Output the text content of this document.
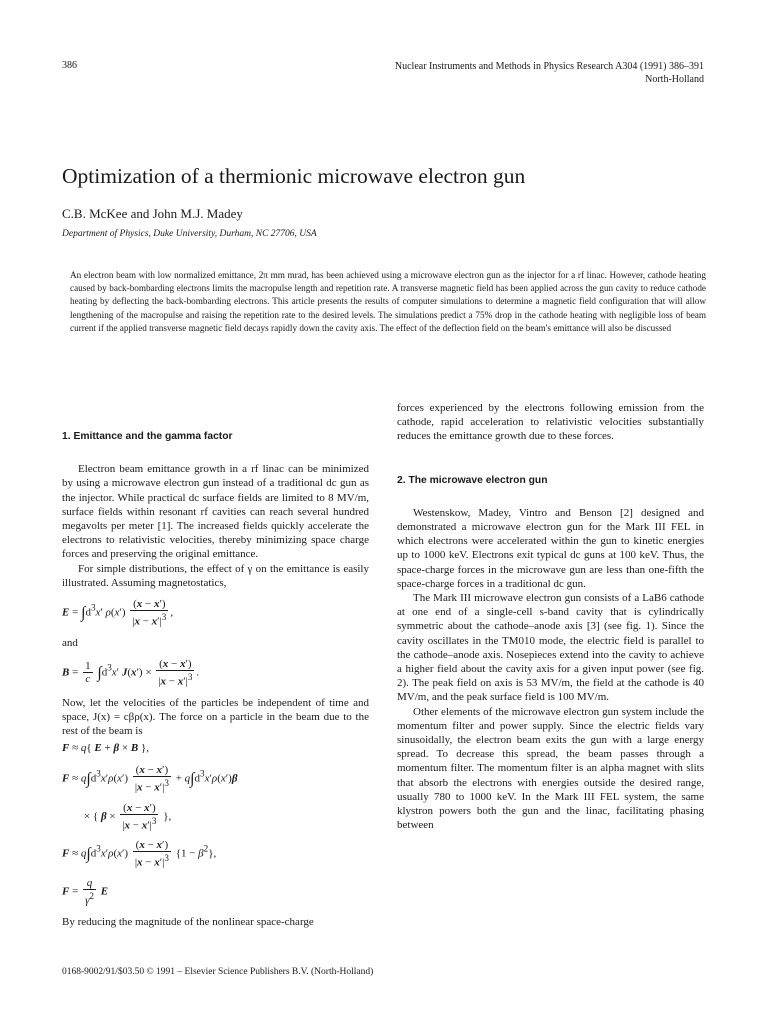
386	Nuclear Instruments and Methods in Physics Research A304 (1991) 386–391
North-Holland
Optimization of a thermionic microwave electron gun
C.B. McKee and John M.J. Madey
Department of Physics, Duke University, Durham, NC 27706, USA
An electron beam with low normalized emittance, 2π mm mrad, has been achieved using a microwave electron gun as the injector for a rf linac. However, cathode heating caused by back-bombarding electrons limits the macropulse length and repetition rate. A transverse magnetic field has been applied across the gun cavity to reduce cathode heating by deflecting the back-bombarding electrons. This article presents the results of computer simulations to determine a magnetic field configuration that will allow lengthening of the macropulse and raising the repetition rate to the desired levels. The simulations predict a 75% drop in the cathode heating with negligible loss of beam current if the applied transverse magnetic field decays rapidly down the cavity axis. The effect of the deflection field on the beam's emittance will also be discussed
1. Emittance and the gamma factor

Electron beam emittance growth in a rf linac can be minimized by using a microwave electron gun instead of a traditional dc gun as the injector. While practical dc surface fields are limited to 8 MV/m, surface fields within resonant rf cavities can reach several hundred megavolts per meter [1]. The increased fields quickly accelerate the electrons to relativistic velocities, thereby minimizing space charge forces and preserving the original emittance.

For simple distributions, the effect of γ on the emittance is easily illustrated. Assuming magnetostatics,

$E = \int d^3x'$ $\rho(x') \frac{(x - x')}{|x - x'|^3}$ ,

and

$B = \frac{1}{c} \int d^3x'$ $J(x') \times \frac{(x - x')}{|x - x'|^3}$ .

Now, let the velocities of the particles be independent of time and space, J(x) = cβρ(x). The force on a particle in the beam due to the rest of the beam is

F ≈ q{ E + β × B },
$F \approx q\int d^3x'\rho(x') \frac{(x - x')}{|x - x'|^3} + q\int d^3x'\rho(x')\beta$
× { $\beta \times \frac{(x - x')}{|x - x'|^3}$ },
$F \approx q\int d^3x'\rho(x') \frac{(x - x')}{|x - x'|^3} \{1 - \beta^2\}$,
$F = \frac{q}{\gamma^2}$ E

By reducing the magnitude of the nonlinear space-charge

forces experienced by the electrons following emission from the cathode, rapid acceleration to relativistic velocities substantially reduces the emittance growth due to these forces.

2. The microwave electron gun

Westenskow, Madey, Vintro and Benson [2] designed and demonstrated a microwave electron gun for the Mark III FEL in which electrons were accelerated within the gun to kinetic energies up to 1000 keV. Electrons exit typical dc guns at 100 keV. Thus, the space-charge forces in the microwave gun are less than one-fifth the space-charge forces in a traditional dc gun.

The Mark III microwave electron gun consists of a LaB6 cathode at one end of a single-cell s-band cavity that is cylindrically symmetric about the cathode–anode axis [3] (see fig. 1). Since the cavity oscillates in the TM010 mode, the electric field is parallel to the cathode–anode axis. Nosepieces extend into the cavity to achieve a higher field about the cavity axis for a given input power (see fig. 2). The peak field on axis is 53 MV/m, the field at the cathode is 40 MV/m, and the peak surface field is 100 MV/m.

Other elements of the microwave electron gun system include the momentum filter and power supply. Since the electric fields vary sinusoidally, the electron beam exits the gun with a large energy spread. To decrease this spread, the beam passes through a momentum filter. The momentum filter is an alpha magnet with slits that absorb the electrons with energies outside the desired range, usually 780 to 1000 keV. In the Mark III FEL system, the same klystron powers both the gun and the linac, facilitating phasing between

0168-9002/91/$03.50 © 1991 – Elsevier Science Publishers B.V. (North-Holland)
